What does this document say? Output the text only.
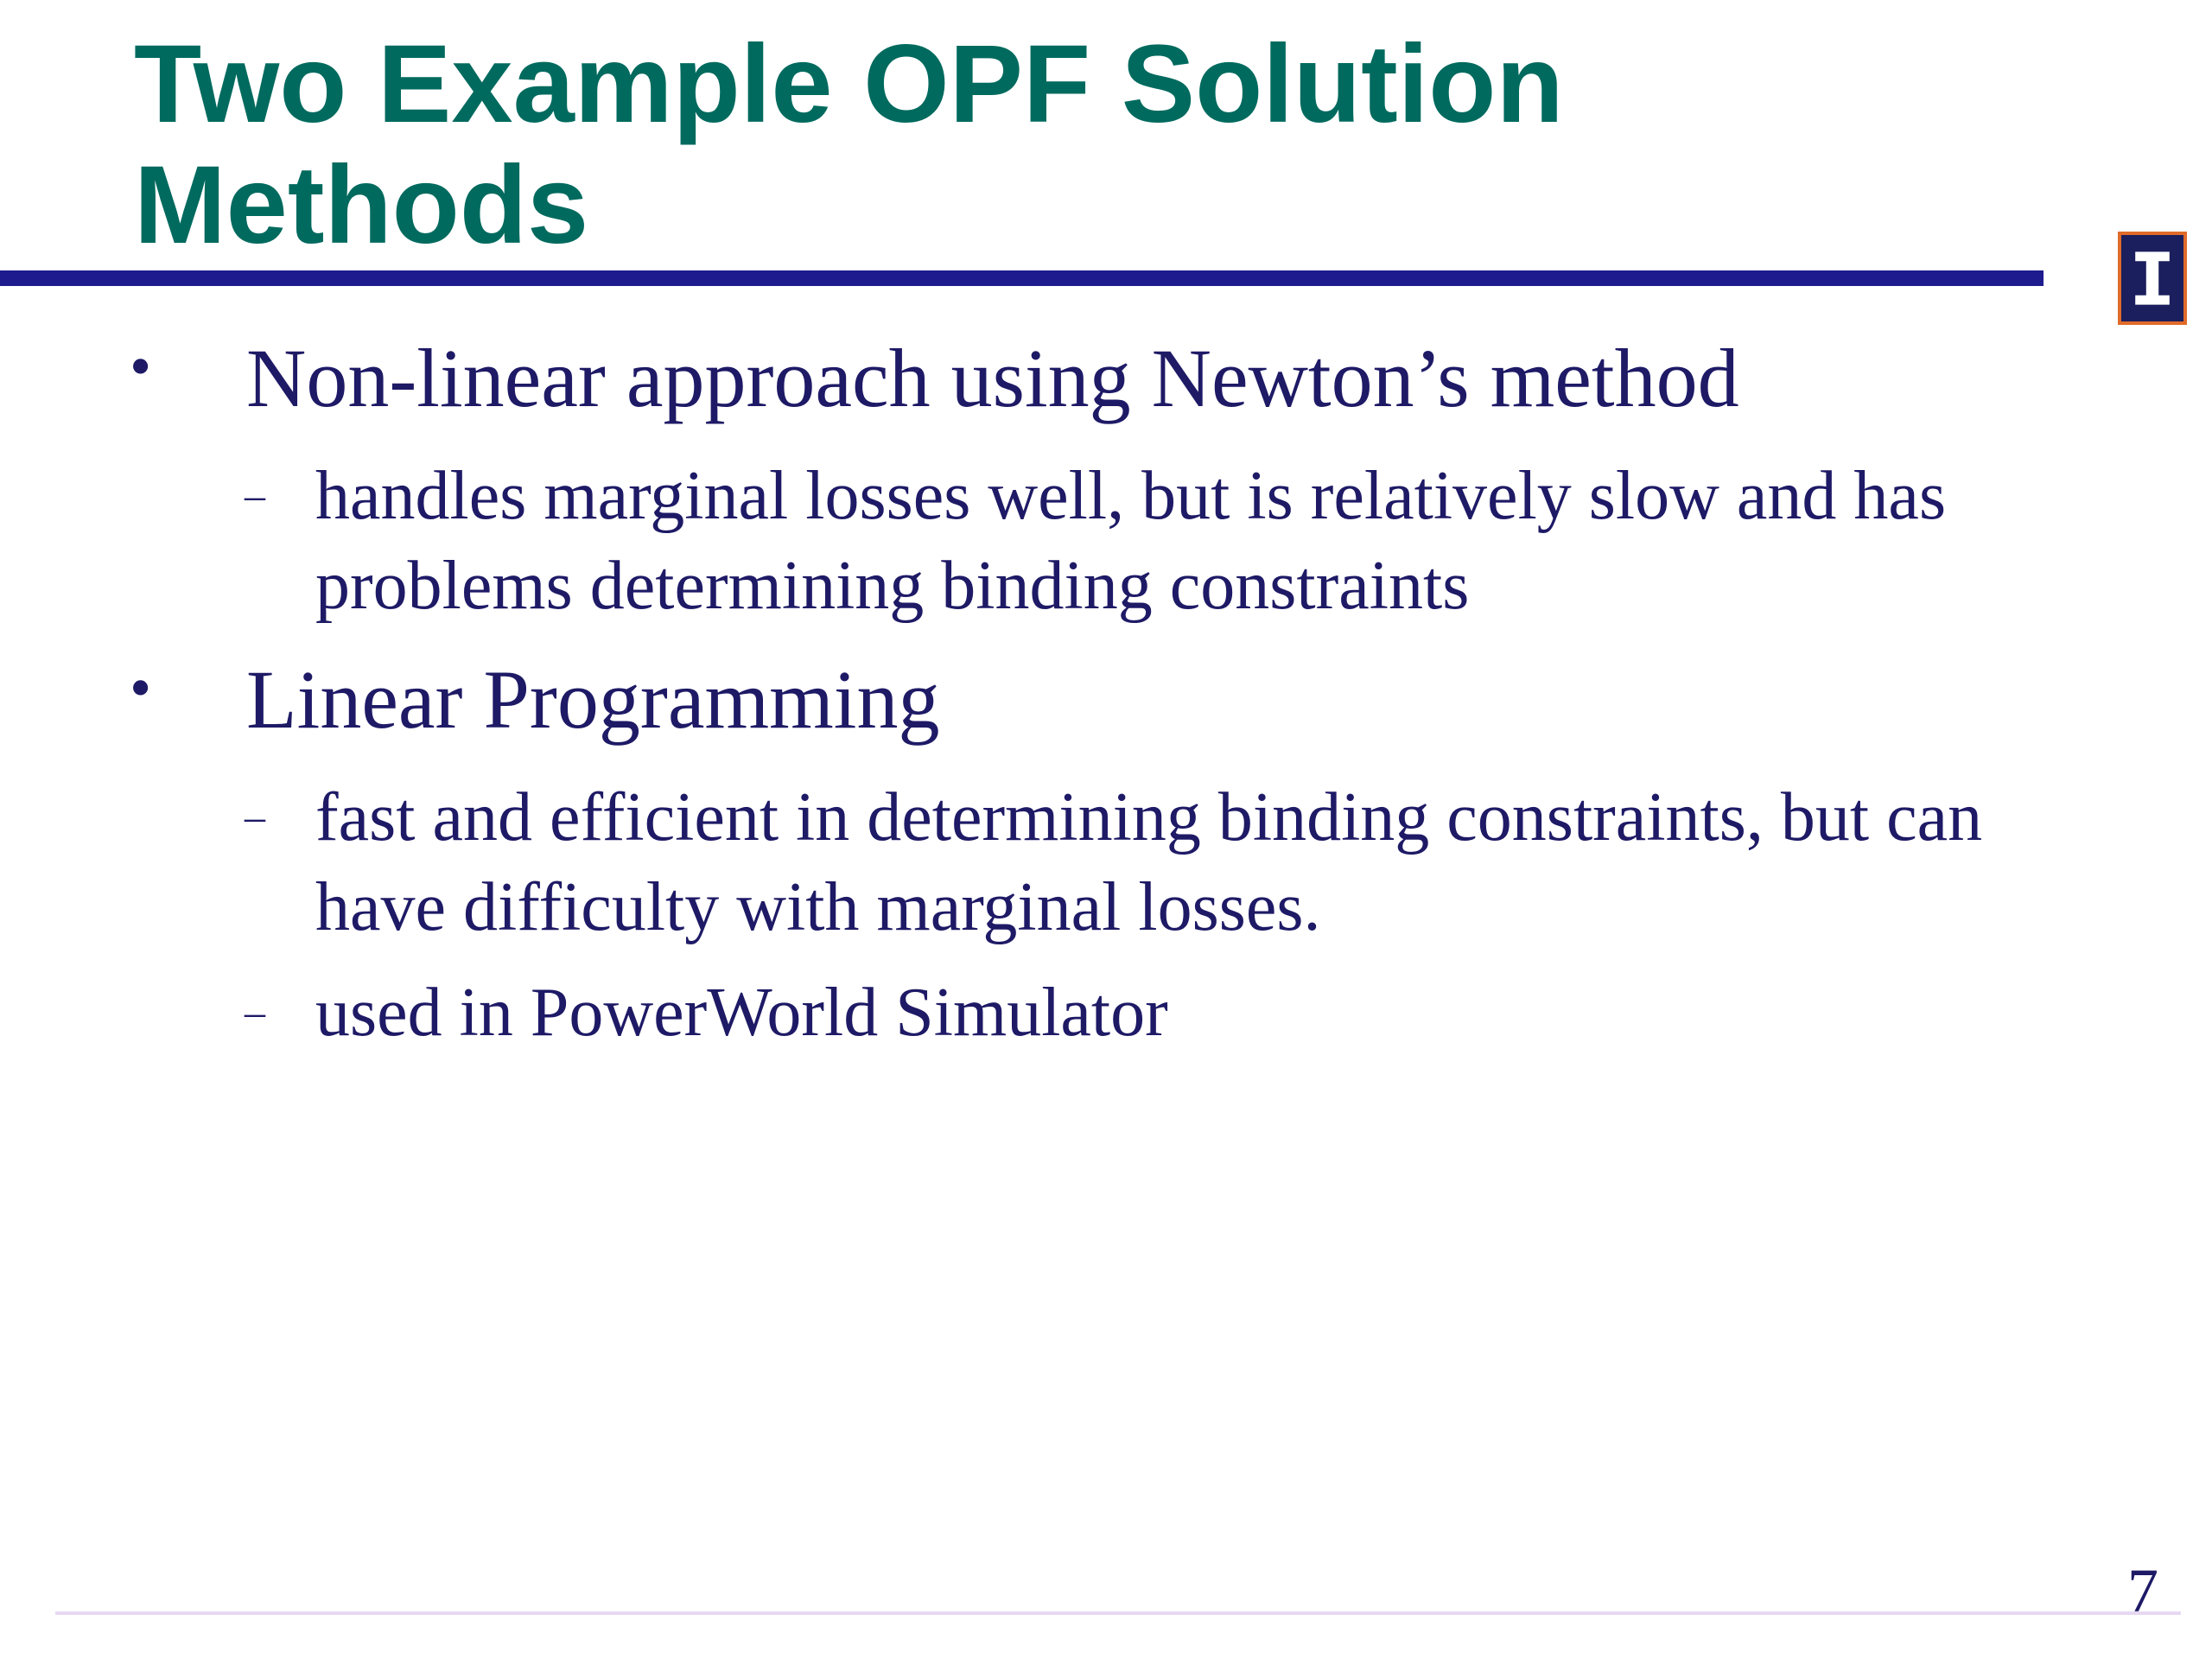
Two Example OPF Solution Methods
• Non-linear approach using Newton’s method
– handles marginal losses well, but is relatively slow and has problems determining binding constraints
• Linear Programming
– fast and efficient in determining binding constraints, but can have difficulty with marginal losses.
– used in PowerWorld Simulator
7
